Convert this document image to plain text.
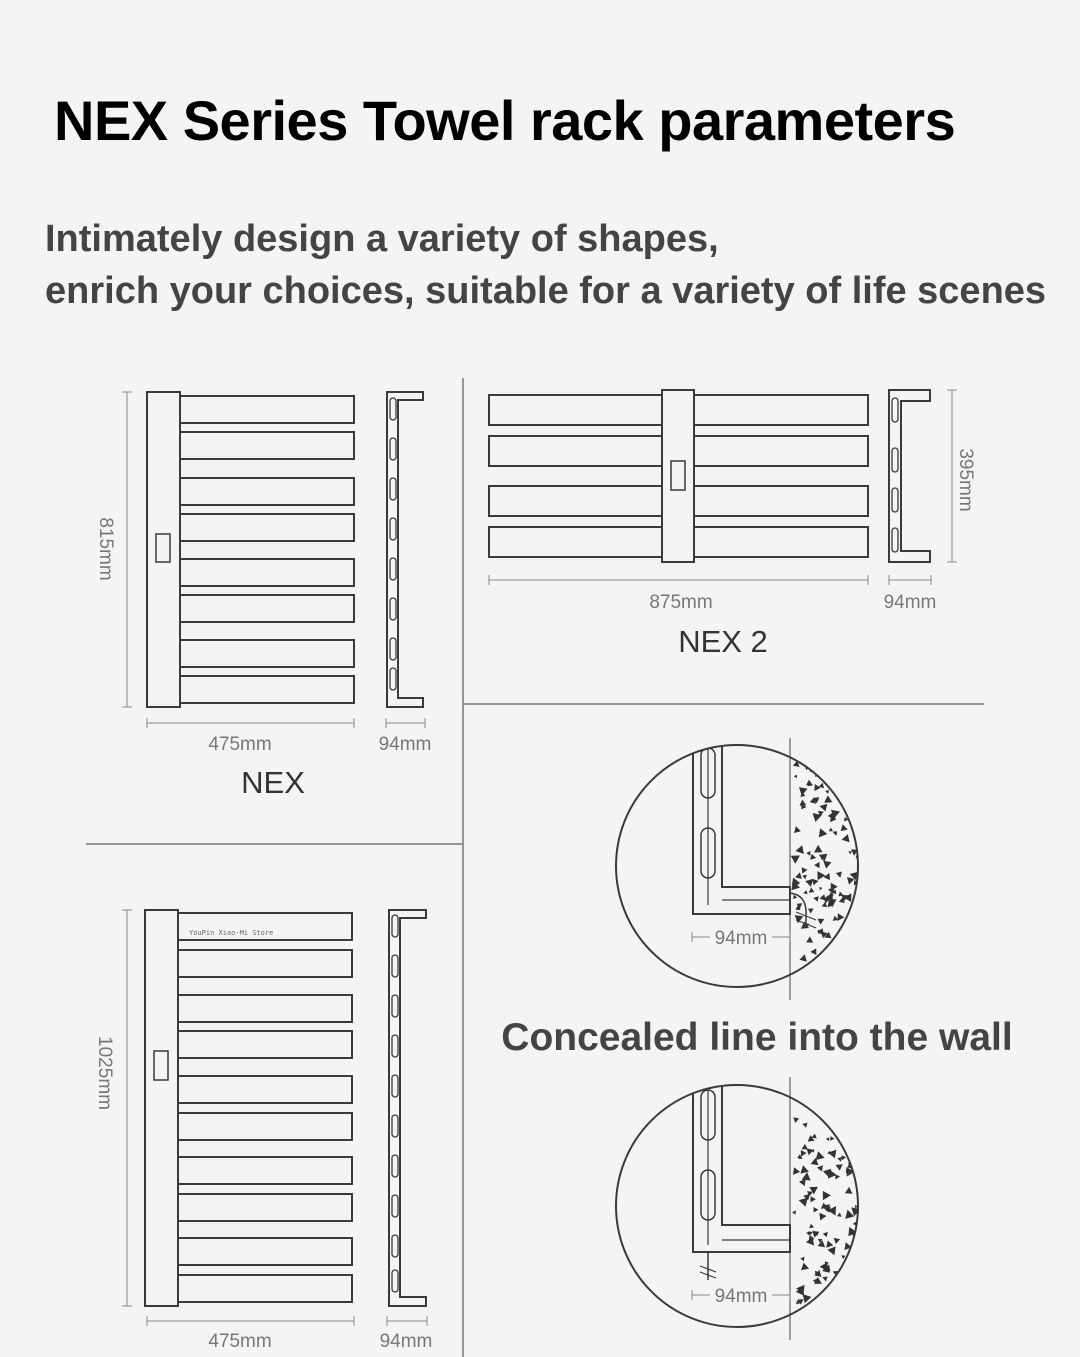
NEX Series Towel rack parameters

Intimately design a variety of shapes,
enrich your choices, suitable for a variety of life scenes

815mm
475mm	94mm
NEX
395mm
875mm	94mm
NEX 2
YouPin Xiao-Mi Store
1025mm
475mm	94mm
94mm
Concealed line into the wall
94mm
